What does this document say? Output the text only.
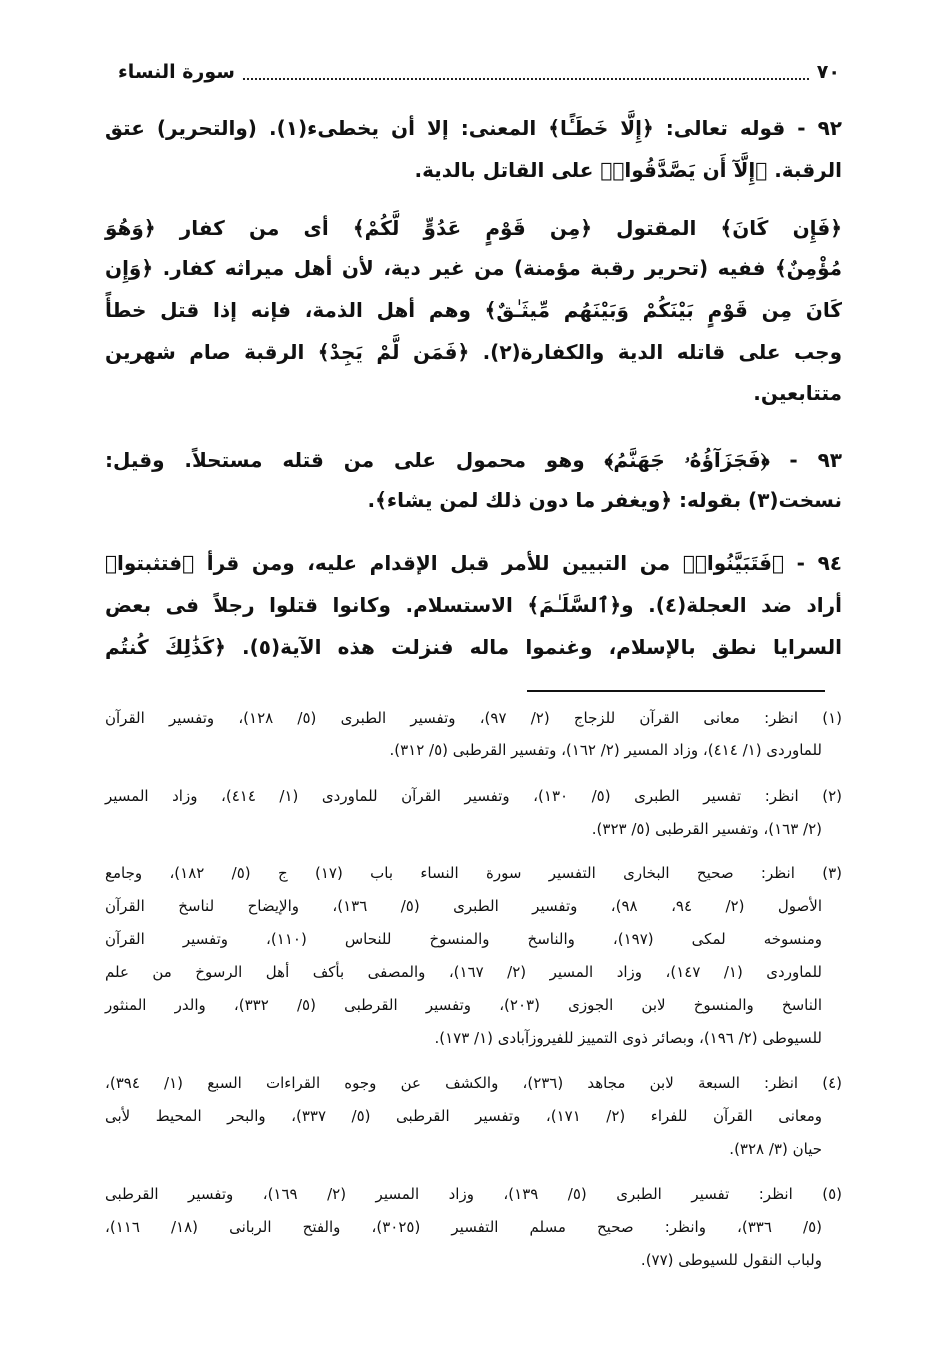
٧٠
سورة النساء
٩٢ - قوله تعالى: ﴿إِلَّا خَطَـًٔا﴾ المعنى: إلا أن يخطىء(١). (والتحرير) عتق
الرقبة. ﴿إِلَّآ أَن يَصَّدَّقُوا۟﴾ على القاتل بالدية.
﴿فَإِن كَانَ﴾ المقتول ﴿مِن قَوْمٍ عَدُوٍّ لَّكُمْ﴾ أى من كفار ﴿وَهُوَ
مُؤْمِنٌ﴾ ففيه (تحرير رقبة مؤمنة) من غير دية، لأن أهل ميراثه كفار. ﴿وَإِن
كَانَ مِن قَوْمٍ بَيْنَكُمْ وَبَيْنَهُم مِّيثَـٰقٌ﴾ وهم أهل الذمة، فإنه إذا قتل خطأً
وجب على قاتله الدية والكفارة(٢). ﴿فَمَن لَّمْ يَجِدْ﴾ الرقبة صام شهرين
متتابعين.
٩٣ - ﴿فَجَزَآؤُهُۥ جَهَنَّمُ﴾ وهو محمول على من قتله مستحلاً. وقيل:
نسخت(٣) بقوله: ﴿ويغفر ما دون ذلك لمن يشاء﴾.
٩٤ - ﴿فَتَبَيَّنُوا۟﴾ من التبيين للأمر قبل الإقدام عليه، ومن قرأ ﴿فتثبتوا﴾
أراد ضد العجلة(٤). و﴿ٱلسَّلَـٰمَ﴾ الاستسلام. وكانوا قتلوا رجلاً فى بعض
السرايا نطق بالإسلام، وغنموا ماله فنزلت هذه الآية(٥). ﴿كَذَٰلِكَ كُنتُم
(١) انظر: معانى القرآن للزجاج (٢/ ٩٧)، وتفسير الطبرى (٥/ ١٢٨)، وتفسير القرآن
للماوردى (١/ ٤١٤)، وزاد المسير (٢/ ١٦٢)، وتفسير القرطبى (٥/ ٣١٢).
(٢) انظر: تفسير الطبرى (٥/ ١٣٠)، وتفسير القرآن للماوردى (١/ ٤١٤)، وزاد المسير
(٢/ ١٦٣)، وتفسير القرطبى (٥/ ٣٢٣).
(٣) انظر: صحيح البخارى التفسير سورة النساء باب (١٧) ج (٥/ ١٨٢)، وجامع
الأصول (٢/ ٩٤، ٩٨)، وتفسير الطبرى (٥/ ١٣٦)، والإيضاح لناسخ القرآن
ومنسوخه لمكى (١٩٧)، والناسخ والمنسوخ للنحاس (١١٠)، وتفسير القرآن
للماوردى (١/ ١٤٧)، وزاد المسير (٢/ ١٦٧)، والمصفى بأكف أهل الرسوخ من علم
الناسخ والمنسوخ لابن الجوزى (٢٠٣)، وتفسير القرطبى (٥/ ٣٣٢)، والدر المنثور
للسيوطى (٢/ ١٩٦)، وبصائر ذوى التمييز للفيروزآبادى (١/ ١٧٣).
(٤) انظر: السبعة لابن مجاهد (٢٣٦)، والكشف عن وجوه القراءات السبع (١/ ٣٩٤)،
ومعانى القرآن للفراء (٢/ ١٧١)، وتفسير القرطبى (٥/ ٣٣٧)، والبحر المحيط لأبى
حيان (٣/ ٣٢٨).
(٥) انظر: تفسير الطبرى (٥/ ١٣٩)، وزاد المسير (٢/ ١٦٩)، وتفسير القرطبى
(٥/ ٣٣٦)، وانظر: صحيح مسلم التفسير (٣٠٢٥)، والفتح الربانى (١٨/ ١١٦)،
ولباب النقول للسيوطى (٧٧).
